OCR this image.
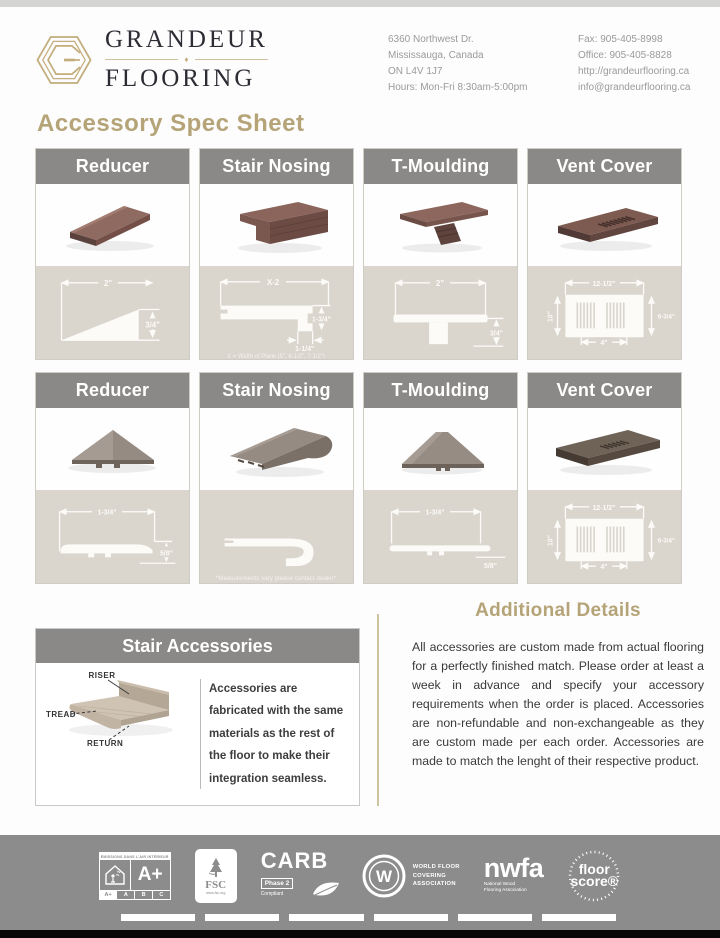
GRANDEUR
♦
FLOORING
6360 Northwest Dr.
Mississauga, Canada
ON L4V 1J7
Hours: Mon-Fri 8:30am-5:00pm
Fax: 905-405-8998
Office: 905-405-8828
http://grandeurflooring.ca
info@grandeurflooring.ca
Accessory Spec Sheet
Reducer
2"
3/4"
Stair Nosing
X-2
1-3/4"
1-1/4"
X = Width of Plank (5", 6-1/2", 7-1/2")
T-Moulding
2"
3/4"
Vent Cover
12-1/2"
10"	6-3/4"
4"
Reducer
1-3/4"
5/8"
Stair Nosing
*Measurements vary please contact dealer*
T-Moulding
1-3/4"
5/8"
Vent Cover
12-1/2"
10"	6-3/4"
4"
Stair Accessories
RISER
TREAD
RETURN
Accessories are fabricated with the same materials as the rest of the floor to make their integration seamless.
Additional Details

All accessories are custom made from actual flooring for a perfectly finished match. Please order at least a week in advance and specify your accessory requirements when the order is placed. Accessories are non-refundable and non-exchangeable as they are custom made per each order. Accessories are made to match the lenght of their respective product.

ÉMISSIONS DANS L'AIR INTÉRIEUR
A+
A+	A	B	C
FSC
www.fsc.org
CARB
Phase 2
Compliant
W
WORLD FLOOR
COVERING
ASSOCIATION
nwfa
National Wood
Flooring Association
floor
score®
